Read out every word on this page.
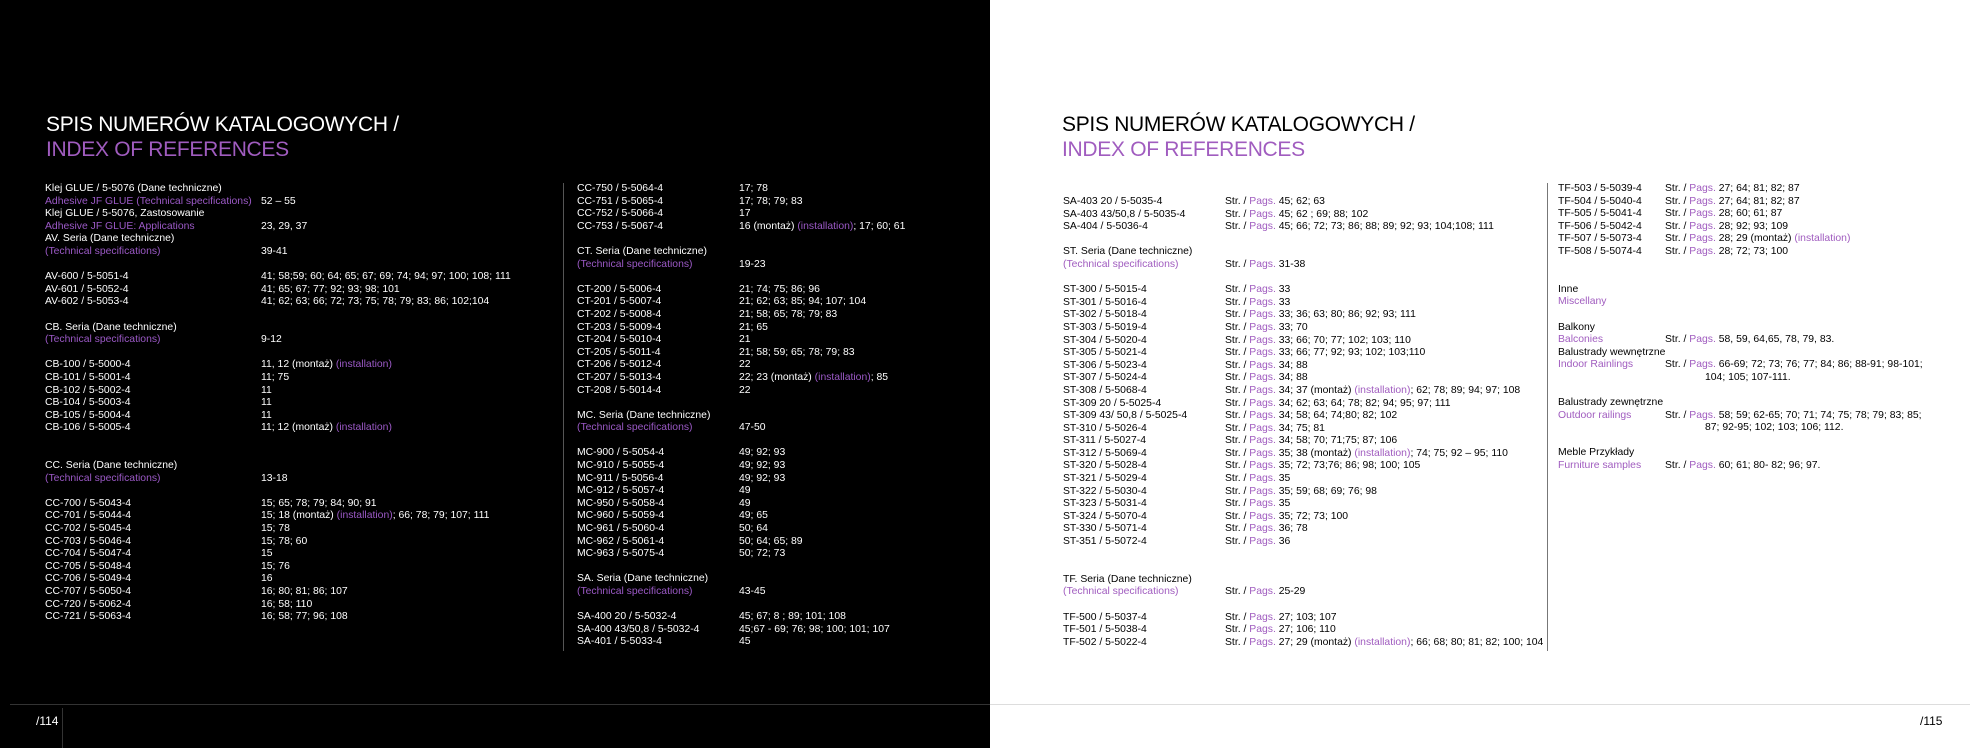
SPIS NUMERÓW KATALOGOWYCH /
INDEX OF REFERENCES
Klej GLUE / 5-5076 (Dane techniczne)
Adhesive JF GLUE (Technical specifications) 52 – 55
Klej GLUE / 5-5076, Zastosowanie
Adhesive JF GLUE: Applications	23, 29, 37
AV. Seria (Dane techniczne)
(Technical specifications)	39-41
AV-600 / 5-5051-4	41; 58;59; 60; 64; 65; 67; 69; 74; 94; 97; 100; 108; 111
AV-601 / 5-5052-4	41; 65; 67; 77; 92; 93; 98; 101
AV-602 / 5-5053-4	41; 62; 63; 66; 72; 73; 75; 78; 79; 83; 86; 102;104
CB. Seria (Dane techniczne)
(Technical specifications)	9-12
CB-100 / 5-5000-4	11, 12 (montaż) (installation)
CB-101 / 5-5001-4	11; 75
CB-102 / 5-5002-4	11
CB-104 / 5-5003-4	11
CB-105 / 5-5004-4	11
CB-106 / 5-5005-4	11; 12 (montaż) (installation)
CC. Seria (Dane techniczne)
(Technical specifications)	13-18
CC-700 / 5-5043-4	15; 65; 78; 79; 84; 90; 91
CC-701 / 5-5044-4	15; 18 (montaż) (installation); 66; 78; 79; 107; 111
CC-702 / 5-5045-4	15; 78
CC-703 / 5-5046-4	15; 78; 60
CC-704 / 5-5047-4	15
CC-705 / 5-5048-4	15; 76
CC-706 / 5-5049-4	16
CC-707 / 5-5050-4	16; 80; 81; 86; 107
CC-720 / 5-5062-4	16; 58; 110
CC-721 / 5-5063-4	16; 58; 77; 96; 108
CC-750 / 5-5064-4	17; 78
CC-751 / 5-5065-4	17; 78; 79; 83
CC-752 / 5-5066-4	17
CC-753 / 5-5067-4	16 (montaż) (installation); 17; 60; 61
CT. Seria (Dane techniczne)
(Technical specifications)	19-23
CT-200 / 5-5006-4	21; 74; 75; 86; 96
CT-201 / 5-5007-4	21; 62; 63; 85; 94; 107; 104
CT-202 / 5-5008-4	21; 58; 65; 78; 79; 83
CT-203 / 5-5009-4	21; 65
CT-204 / 5-5010-4	21
CT-205 / 5-5011-4	21; 58; 59; 65; 78; 79; 83
CT-206 / 5-5012-4	22
CT-207 / 5-5013-4	22; 23 (montaż) (installation); 85
CT-208 / 5-5014-4	22
MC. Seria (Dane techniczne)
(Technical specifications)	47-50
MC-900 / 5-5054-4	49; 92; 93
MC-910 / 5-5055-4	49; 92; 93
MC-911 / 5-5056-4	49; 92; 93
MC-912 / 5-5057-4	49
MC-950 / 5-5058-4	49
MC-960 / 5-5059-4	49; 65
MC-961 / 5-5060-4	50; 64
MC-962 / 5-5061-4	50; 64; 65; 89
MC-963 / 5-5075-4	50; 72; 73
SA. Seria (Dane techniczne)
(Technical specifications)	43-45
SA-400 20 / 5-5032-4	45; 67; 8 ; 89; 101; 108
SA-400 43/50,8 / 5-5032-4	45;67 - 69; 76; 98; 100; 101; 107
SA-401 / 5-5033-4	45
/114
SPIS NUMERÓW KATALOGOWYCH /
INDEX OF REFERENCES
SA-403 20 / 5-5035-4	Str. / Pags. 45; 62; 63
SA-403 43/50,8 / 5-5035-4	Str. / Pags. 45; 62 ; 69; 88; 102
SA-404 / 5-5036-4	Str. / Pags. 45; 66; 72; 73; 86; 88; 89; 92; 93; 104;108; 111
ST. Seria (Dane techniczne)
(Technical specifications)	Str. / Pags. 31-38
ST-300 / 5-5015-4	Str. / Pags. 33
ST-301 / 5-5016-4	Str. / Pags. 33
ST-302 / 5-5018-4	Str. / Pags. 33; 36; 63; 80; 86; 92; 93; 111
ST-303 / 5-5019-4	Str. / Pags. 33; 70
ST-304 / 5-5020-4	Str. / Pags. 33; 66; 70; 77; 102; 103; 110
ST-305 / 5-5021-4	Str. / Pags. 33; 66; 77; 92; 93; 102; 103;110
ST-306 / 5-5023-4	Str. / Pags. 34; 88
ST-307 / 5-5024-4	Str. / Pags. 34; 88
ST-308 / 5-5068-4	Str. / Pags. 34; 37 (montaż) (installation); 62; 78; 89; 94; 97; 108
ST-309 20 / 5-5025-4	Str. / Pags. 34; 62; 63; 64; 78; 82; 94; 95; 97; 111
ST-309 43/ 50,8 / 5-5025-4	Str. / Pags. 34; 58; 64; 74;80; 82; 102
ST-310 / 5-5026-4	Str. / Pags. 34; 75; 81
ST-311 / 5-5027-4	Str. / Pags. 34; 58; 70; 71;75; 87; 106
ST-312 / 5-5069-4	Str. / Pags. 35; 38 (montaż) (installation); 74; 75; 92 – 95; 110
ST-320 / 5-5028-4	Str. / Pags. 35; 72; 73;76; 86; 98; 100; 105
ST-321 / 5-5029-4	Str. / Pags. 35
ST-322 / 5-5030-4	Str. / Pags. 35; 59; 68; 69; 76; 98
ST-323 / 5-5031-4	Str. / Pags. 35
ST-324 / 5-5070-4	Str. / Pags. 35; 72; 73; 100
ST-330 / 5-5071-4	Str. / Pags. 36; 78
ST-351 / 5-5072-4	Str. / Pags. 36
TF. Seria (Dane techniczne)
(Technical specifications)	Str. / Pags. 25-29
TF-500 / 5-5037-4	Str. / Pags. 27; 103; 107
TF-501 / 5-5038-4	Str. / Pags. 27; 106; 110
TF-502 / 5-5022-4	Str. / Pags. 27; 29 (montaż) (installation); 66; 68; 80; 81; 82; 100; 104
TF-503 / 5-5039-4	Str. / Pags. 27; 64; 81; 82; 87
TF-504 / 5-5040-4	Str. / Pags. 27; 64; 81; 82; 87
TF-505 / 5-5041-4	Str. / Pags. 28; 60; 61; 87
TF-506 / 5-5042-4	Str. / Pags. 28; 92; 93; 109
TF-507 / 5-5073-4	Str. / Pags. 28; 29 (montaż) (installation)
TF-508 / 5-5074-4	Str. / Pags. 28; 72; 73; 100
Inne
Miscellany
Balkony
Balconies	Str. / Pags. 58, 59, 64,65, 78, 79, 83.
Balustrady wewnętrzne
Indoor Rainlings	Str. / Pags. 66-69; 72; 73; 76; 77; 84; 86; 88-91; 98-101;
104; 105; 107-111.
Balustrady zewnętrzne
Outdoor railings	Str. / Pags. 58; 59; 62-65; 70; 71; 74; 75; 78; 79; 83; 85;
87; 92-95; 102; 103; 106; 112.
Meble Przykłady
Furniture samples	Str. / Pags. 60; 61; 80- 82; 96; 97.
/115
